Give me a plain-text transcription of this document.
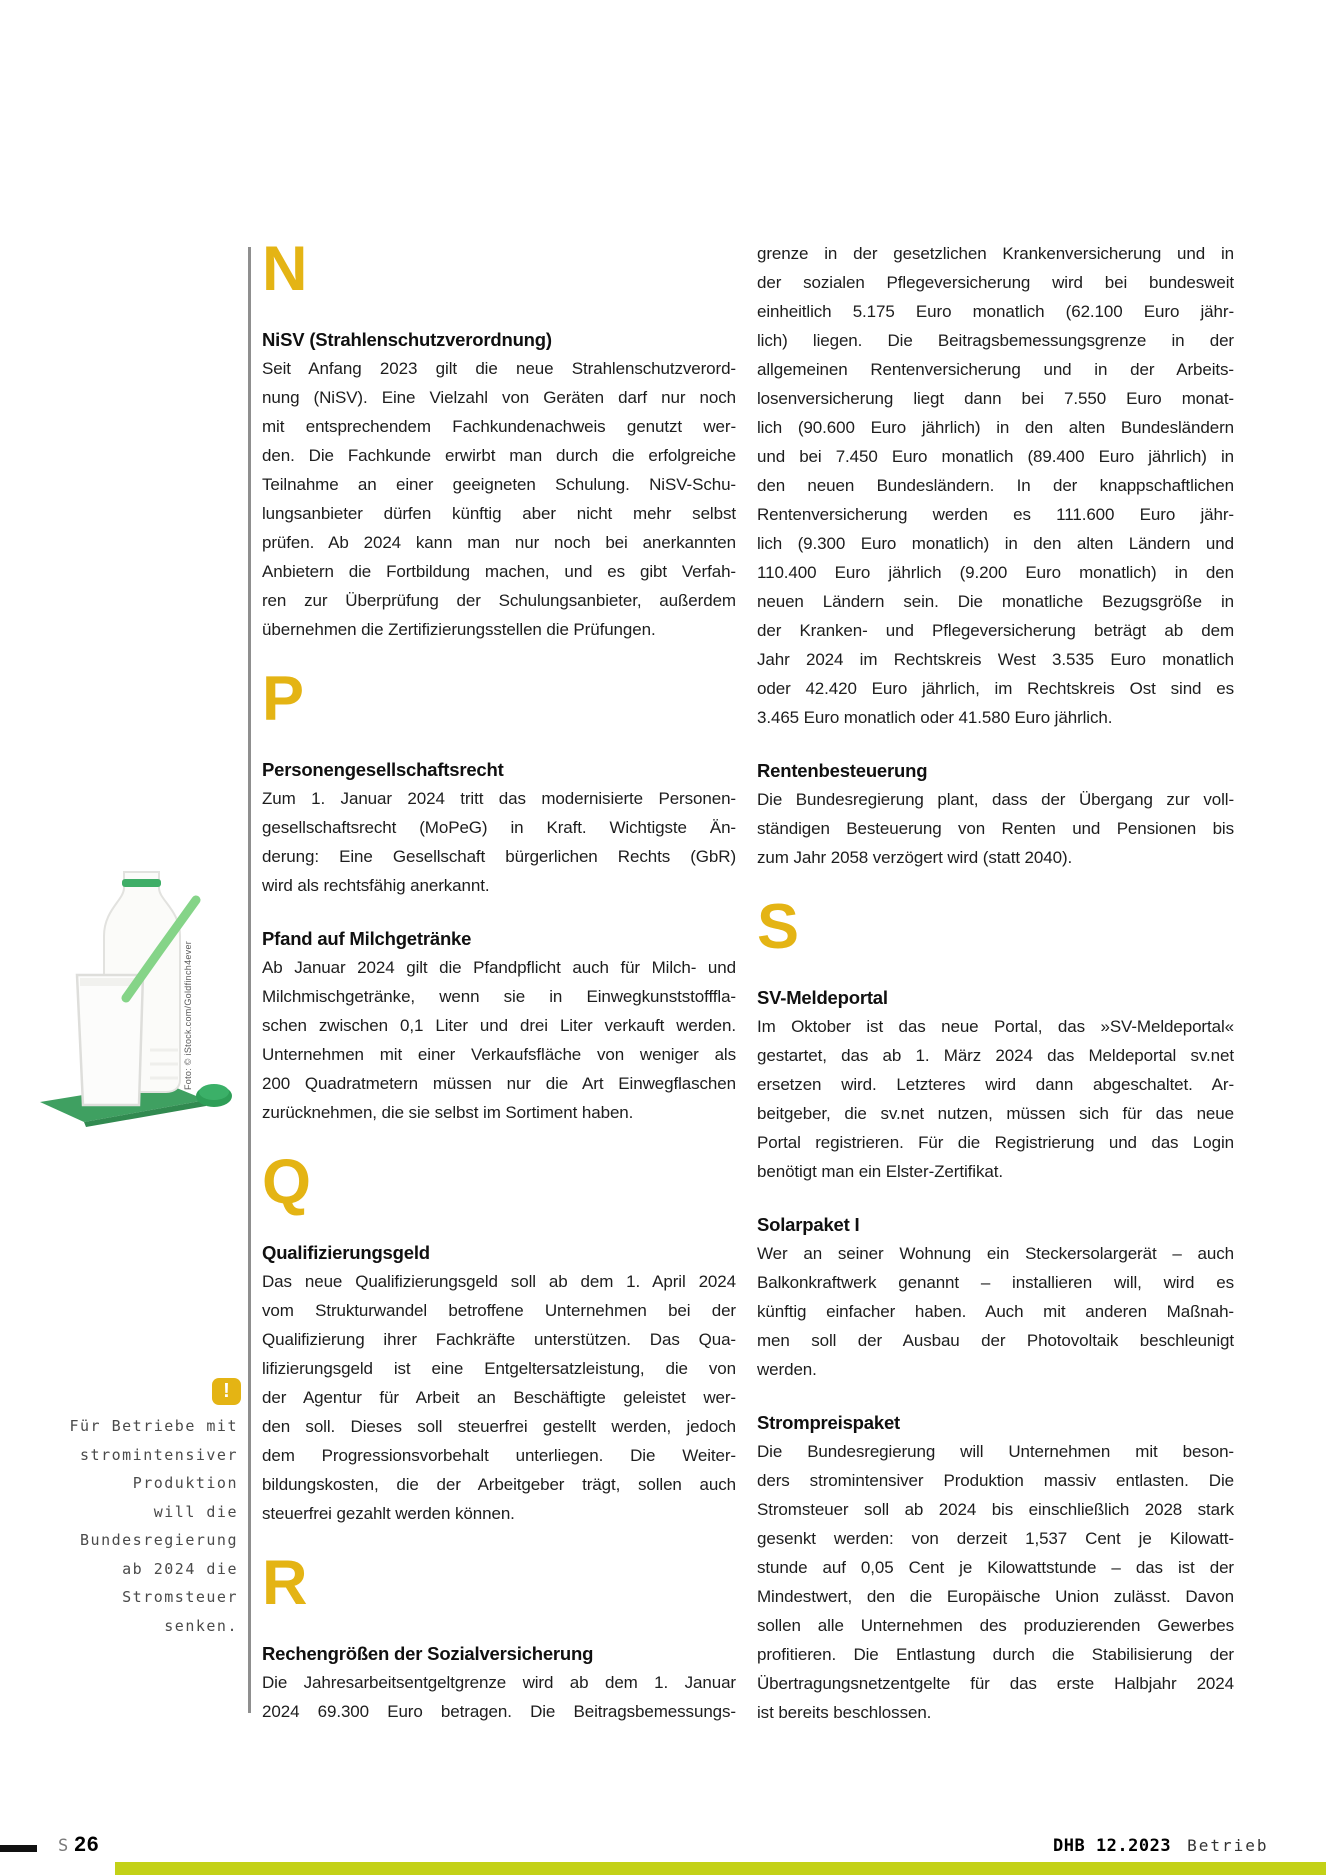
Foto: © iStock.com/Goldfinch4ever
!
Für Betriebe mit
stromintensiver
Produktion
will die
Bundesregierung
ab 2024 die
Stromsteuer
senken.
N
NiSV (Strahlenschutzverordnung)
Seit Anfang 2023 gilt die neue Strahlenschutzverord-
nung (NiSV). Eine Vielzahl von Geräten darf nur noch
mit entsprechendem Fachkundenachweis genutzt wer-
den. Die Fachkunde erwirbt man durch die erfolgreiche
Teilnahme an einer geeigneten Schulung. NiSV-Schu-
lungsanbieter dürfen künftig aber nicht mehr selbst
prüfen. Ab 2024 kann man nur noch bei anerkannten
Anbietern die Fortbildung machen, und es gibt Verfah-
ren zur Überprüfung der Schulungsanbieter, außerdem
übernehmen die Zertifizierungsstellen die Prüfungen.
P
Personengesellschaftsrecht
Zum 1. Januar 2024 tritt das modernisierte Personen-
gesellschaftsrecht (MoPeG) in Kraft. Wichtigste Än-
derung: Eine Gesellschaft bürgerlichen Rechts (GbR)
wird als rechtsfähig anerkannt.
Pfand auf Milchgetränke
Ab Januar 2024 gilt die Pfandpflicht auch für Milch- und
Milchmischgetränke, wenn sie in Einwegkunststofffla-
schen zwischen 0,1 Liter und drei Liter verkauft werden.
Unternehmen mit einer Verkaufsfläche von weniger als
200 Quadratmetern müssen nur die Art Einwegflaschen
zurücknehmen, die sie selbst im Sortiment haben.
Q
Qualifizierungsgeld
Das neue Qualifizierungsgeld soll ab dem 1. April 2024
vom Strukturwandel betroffene Unternehmen bei der
Qualifizierung ihrer Fachkräfte unterstützen. Das Qua-
lifizierungsgeld ist eine Entgeltersatzleistung, die von
der Agentur für Arbeit an Beschäftigte geleistet wer-
den soll. Dieses soll steuerfrei gestellt werden, jedoch
dem Progressionsvorbehalt unterliegen. Die Weiter-
bildungskosten, die der Arbeitgeber trägt, sollen auch
steuerfrei gezahlt werden können.
R
Rechengrößen der Sozialversicherung
Die Jahresarbeitsentgeltgrenze wird ab dem 1. Januar
2024 69.300 Euro betragen. Die Beitragsbemessungs-
grenze in der gesetzlichen Krankenversicherung und in
der sozialen Pflegeversicherung wird bei bundesweit
einheitlich 5.175 Euro monatlich (62.100 Euro jähr-
lich) liegen. Die Beitragsbemessungsgrenze in der
allgemeinen Rentenversicherung und in der Arbeits-
losenversicherung liegt dann bei 7.550 Euro monat-
lich (90.600 Euro jährlich) in den alten Bundesländern
und bei 7.450 Euro monatlich (89.400 Euro jährlich) in
den neuen Bundesländern. In der knappschaftlichen
Rentenversicherung werden es 111.600 Euro jähr-
lich (9.300 Euro monatlich) in den alten Ländern und
110.400 Euro jährlich (9.200 Euro monatlich) in den
neuen Ländern sein. Die monatliche Bezugsgröße in
der Kranken- und Pflegeversicherung beträgt ab dem
Jahr 2024 im Rechtskreis West 3.535 Euro monatlich
oder 42.420 Euro jährlich, im Rechtskreis Ost sind es
3.465 Euro monatlich oder 41.580 Euro jährlich.
Rentenbesteuerung
Die Bundesregierung plant, dass der Übergang zur voll-
ständigen Besteuerung von Renten und Pensionen bis
zum Jahr 2058 verzögert wird (statt 2040).
S
SV-Meldeportal
Im Oktober ist das neue Portal, das »SV-Meldeportal«
gestartet, das ab 1. März 2024 das Meldeportal sv.net
ersetzen wird. Letzteres wird dann abgeschaltet. Ar-
beitgeber, die sv.net nutzen, müssen sich für das neue
Portal registrieren. Für die Registrierung und das Login
benötigt man ein Elster-Zertifikat.
Solarpaket I
Wer an seiner Wohnung ein Steckersolargerät – auch
Balkonkraftwerk genannt – installieren will, wird es
künftig einfacher haben. Auch mit anderen Maßnah-
men soll der Ausbau der Photovoltaik beschleunigt
werden.
Strompreispaket
Die Bundesregierung will Unternehmen mit beson-
ders stromintensiver Produktion massiv entlasten. Die
Stromsteuer soll ab 2024 bis einschließlich 2028 stark
gesenkt werden: von derzeit 1,537 Cent je Kilowatt-
stunde auf 0,05 Cent je Kilowattstunde – das ist der
Mindestwert, den die Europäische Union zulässt. Davon
sollen alle Unternehmen des produzierenden Gewerbes
profitieren. Die Entlastung durch die Stabilisierung der
Übertragungsnetzentgelte für das erste Halbjahr 2024
ist bereits beschlossen.
S 26	DHB 12.2023 Betrieb
